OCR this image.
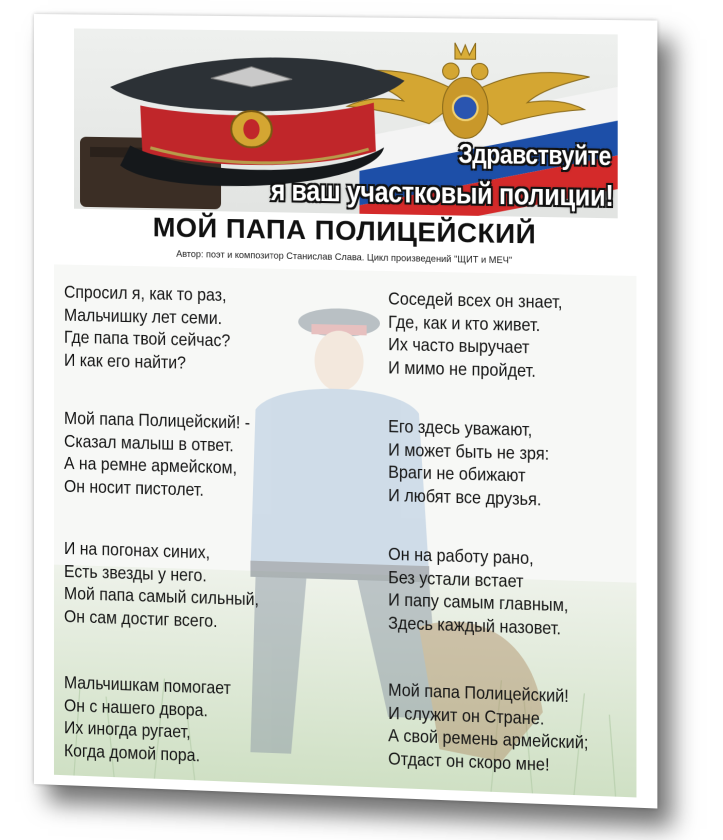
Здравствуйте
я ваш участковый полиции!
МОЙ ПАПА ПОЛИЦЕЙСКИЙ
Автор: поэт и композитор Станислав Слава. Цикл произведений "ЩИТ и МЕЧ"
Спросил я, как то раз,
Мальчишку лет семи.
Где папа твой сейчас?
И как его найти?
Мой папа Полицейский! -
Сказал малыш в ответ.
А на ремне армейском,
Он носит пистолет.
И на погонах синих,
Есть звезды у него.
Мой папа самый сильный,
Он сам достиг всего.
Мальчишкам помогает
Он с нашего двора.
Их иногда ругает,
Когда домой пора.
Соседей всех он знает,
Где, как и кто живет.
Их часто выручает
И мимо не пройдет.
Его здесь уважают,
И может быть не зря:
Враги не обижают
И любят все друзья.
Он на работу рано,
Без устали встает
И папу самым главным,
Здесь каждый назовет.
Мой папа Полицейский!
И служит он Стране.
А свой ремень армейский;
Отдаст он скоро мне!
